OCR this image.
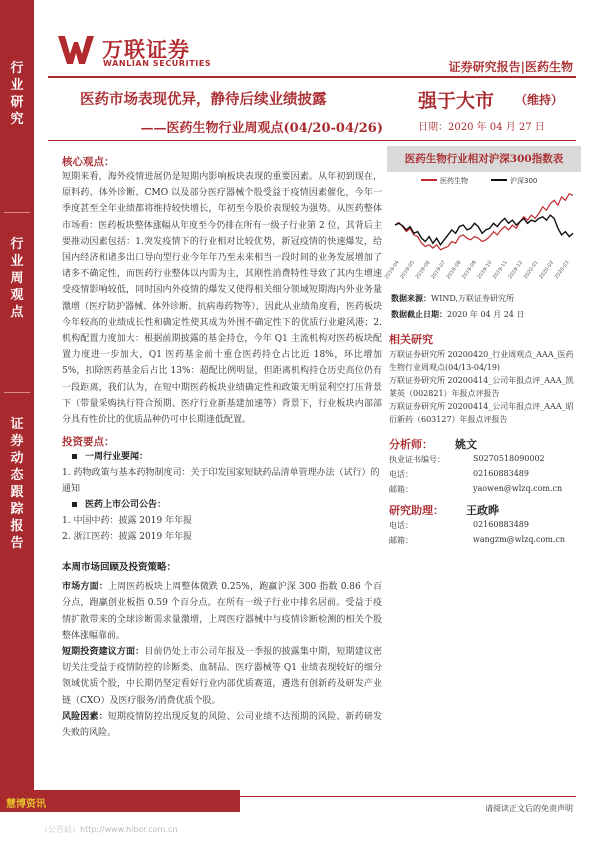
行业研究
行业周观点
证券动态跟踪报告
万联证券
WANLIAN SECURITIES	证券研究报告|医药生物
医药市场表现优异，静待后续业绩披露
——医药生物行业周观点(04/20-04/26)
强于大市 （维持）
日期：2020 年 04 月 27 日
核心观点：
短期来看，海外疫情进展仍是短期内影响板块表现的重要因素。从年初到现在，原料药、体外诊断、CMO 以及部分医疗器械个股受益于疫情因素催化，今年一季度甚至全年业绩都将维持较快增长，年初至今股价表现较为强势。从医药整体市场看：医药板块整体涨幅从年度至今仍排在所有一级子行业第 2 位，其背后主要推动因素包括：1.突发疫情下的行业相对比较优势，新冠疫情的快速爆发，给国内经济和诸多出口导向型行业今年年乃至未来相当一段时间的业务发展增加了诸多不确定性，而医药行业整体以内需为主，其刚性消费特性导致了其内生增速受疫情影响较低，同时国内外疫情的爆发又使得相关细分领域短期海内外业务量激增（医疗防护器械、体外诊断、抗病毒药物等），因此从业绩角度看，医药板块今年较高的业绩成长性和确定性使其成为外围不确定性下的优质行业避风港；2.机构配置力度加大：根据前期披露的基金持仓，今年 Q1 主流机构对医药板块配置力度进一步加大，Q1 医药基金前十重仓医药持仓占比近 18%，环比增加 5%，扣除医药基金后占比 13%：超配比例明显，但距离机构持仓历史高位仍有一段距离，我们认为，在短中期医药板块业绩确定性和政策无明显利空打压背景下（带量采购执行符合预期、医疗行业新基建加速等）背景下，行业板块内部部分具有性价比的优质品种仍可中长期逢低配置。
投资要点：
一周行业要闻：
1. 药物政策与基本药物制度司：关于印发国家短缺药品清单管理办法（试行）的通知
医药上市公司公告：
1. 中国中药：披露 2019 年年报
2. 浙江医药：披露 2019 年年报
本周市场回顾及投资策略：
市场方面：上周医药板块上周整体微跌 0.25%，跑赢沪深 300 指数 0.86 个百分点，跑赢创业板指 0.59 个百分点。在所有一级子行业中排名居前。受益于疫情扩散带来的全球诊断需求量激增，上周医疗器械中与疫情诊断检测的相关个股整体涨幅靠前。
短期投资建议方面：目前仍处上市公司年报及一季报的披露集中期，短期建议密切关注受益于疫情防控的诊断类、血制品、医疗器械等 Q1 业绩表现较好的细分领域优质个股，中长期仍坚定看好行业内部优质赛道，遴选有创新药及研发产业链（CXO）及医疗服务/消费优质个股。
风险因素：短期疫情防控出现反复的风险、公司业绩不达预期的风险、新药研发失败的风险。
医药生物行业相对沪深300指数表
医药生物	沪深300
2019-04
2019-05
2019-06
2019-07
2019-08
2019-09
2019-10
2019-11
2019-12
2020-01
2020-02
2020-03
数据来源：WIND,万联证券研究所
数据截止日期：2020 年 04 月 24 日
相关研究
万联证券研究所 20200420_行业周观点_AAA_医药生物行业周观点(04/13-04/19)
万联证券研究所 20200414_公司年报点评_AAA_凯莱英（002821）年报点评报告
万联证券研究所 20200414_公司年报点评_AAA_昭衍新药（603127）年报点评报告
分析师： 姚文
执业证书编号：	S0270518090002
电话：	02160883489
邮箱：	yaowen@wlzq.com.cn
研究助理： 王政晔
电话：	02160883489
邮箱：	wangzm@wlzq.com.cn
慧博资讯	请阅读正文后的免责声明
（公告站）http://www.hibor.com.cn
